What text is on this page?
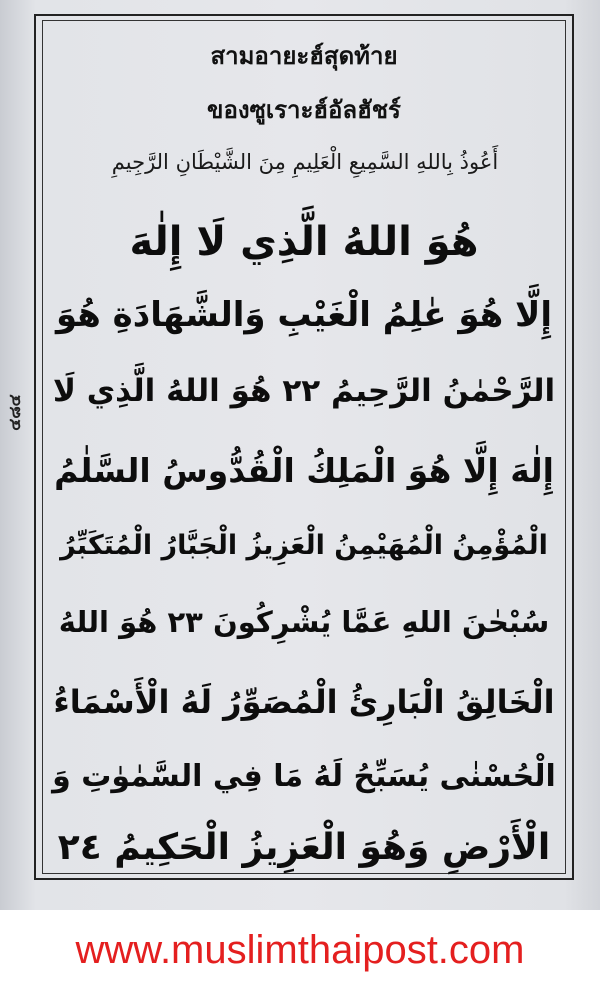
๔๘๔
สามอายะฮ์สุดท้าย
ของซูเราะฮ์อัลฮัชร์
أَعُوذُ بِاللهِ السَّمِيعِ الْعَلِيمِ مِنَ الشَّيْطَانِ الرَّجِيمِ
هُوَ اللهُ الَّذِي لَا إِلٰهَ
إِلَّا هُوَ عٰلِمُ الْغَيْبِ وَالشَّهَادَةِ هُوَ
الرَّحْمٰنُ الرَّحِيمُ ٢٢ هُوَ اللهُ الَّذِي لَا
إِلٰهَ إِلَّا هُوَ الْمَلِكُ الْقُدُّوسُ السَّلٰمُ
الْمُؤْمِنُ الْمُهَيْمِنُ الْعَزِيزُ الْجَبَّارُ الْمُتَكَبِّرُ
سُبْحٰنَ اللهِ عَمَّا يُشْرِكُونَ ٢٣ هُوَ اللهُ
الْخَالِقُ الْبَارِئُ الْمُصَوِّرُ لَهُ الْأَسْمَاءُ
الْحُسْنٰى يُسَبِّحُ لَهُ مَا فِي السَّمٰوٰتِ وَ
الْأَرْضِ وَهُوَ الْعَزِيزُ الْحَكِيمُ ٢٤
www.muslimthaipost.com
